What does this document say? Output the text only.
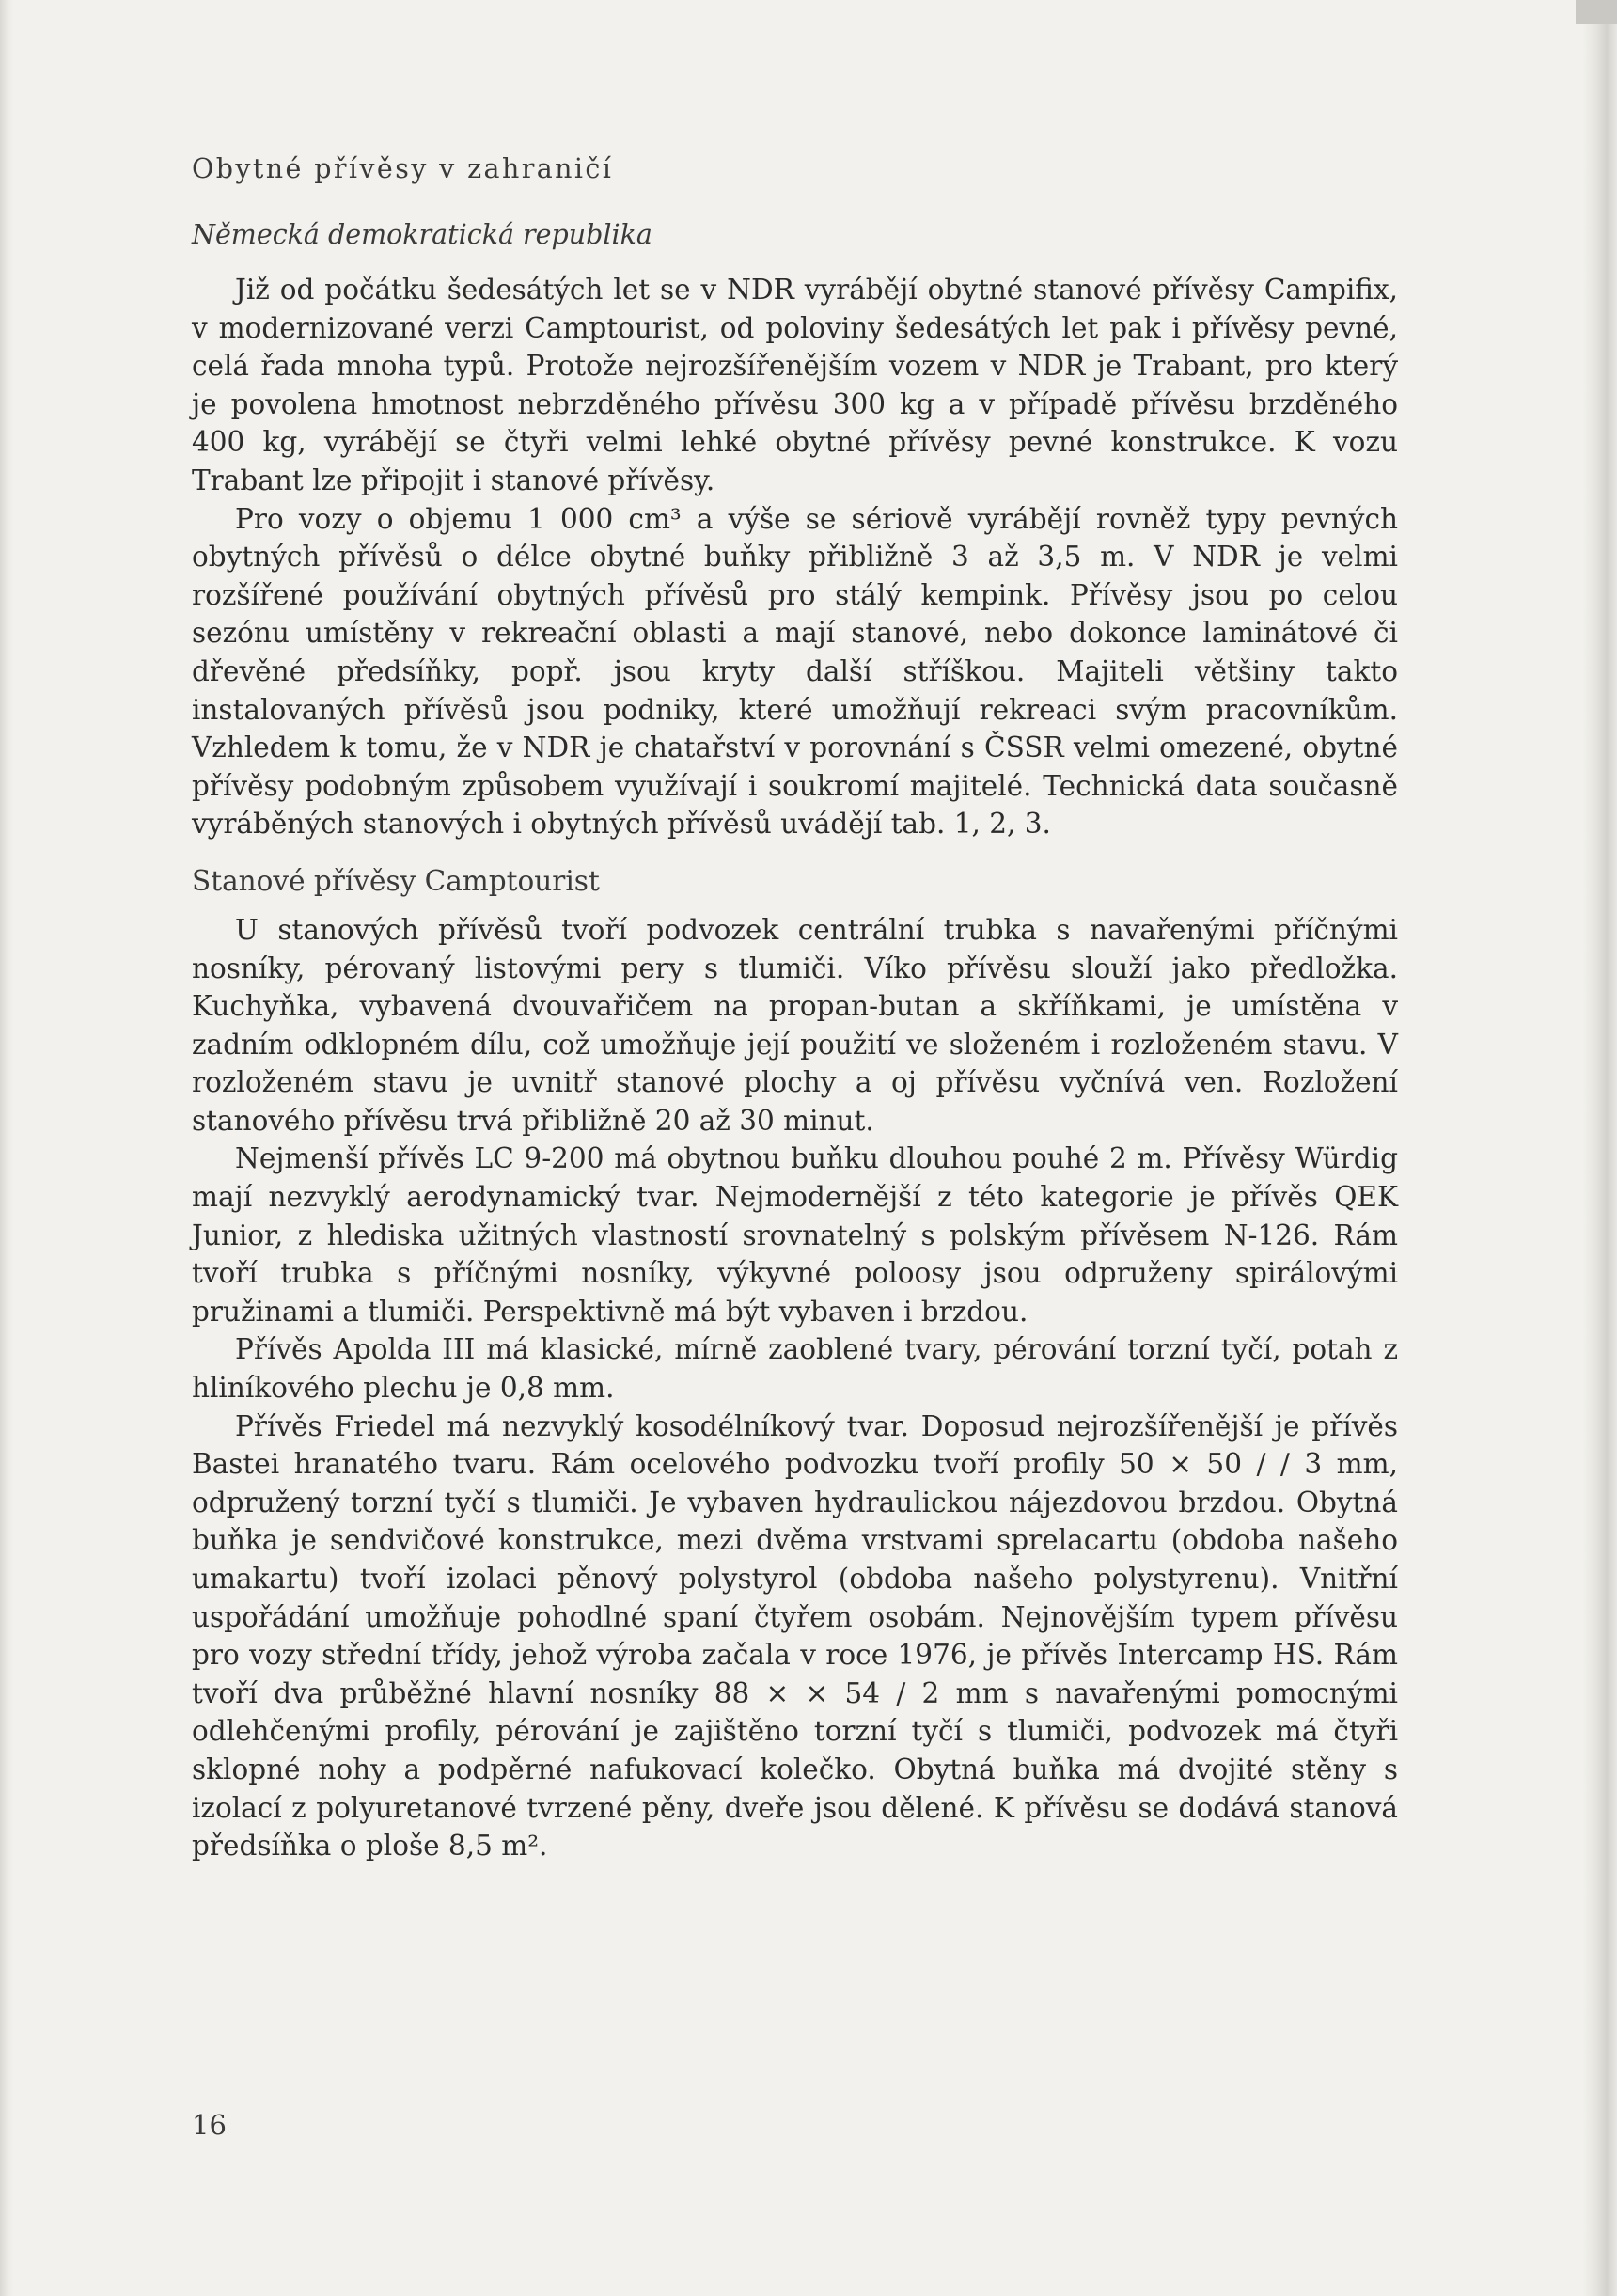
Obytné přívěsy v zahraničí
Německá demokratická republika

Již od počátku šedesátých let se v NDR vyrábějí obytné stanové přívěsy Campifix, v modernizované verzi Camptourist, od poloviny šedesátých let pak i přívěsy pevné, celá řada mnoha typů. Protože nejrozšířenějším vozem v NDR je Trabant, pro který je povolena hmotnost nebrzděného přívěsu 300 kg a v případě přívěsu brzděného 400 kg, vyrábějí se čtyři velmi lehké obytné přívěsy pevné konstrukce. K vozu Trabant lze připojit i stanové přívěsy.

Pro vozy o objemu 1 000 cm³ a výše se sériově vyrábějí rovněž typy pevných obytných přívěsů o délce obytné buňky přibližně 3 až 3,5 m. V NDR je velmi rozšířené používání obytných přívěsů pro stálý kempink. Přívěsy jsou po celou sezónu umístěny v rekreační oblasti a mají stanové, nebo dokonce laminátové či dřevěné předsíňky, popř. jsou kryty další stříškou. Majiteli většiny takto instalovaných přívěsů jsou podniky, které umožňují rekreaci svým pracovníkům. Vzhledem k tomu, že v NDR je chatařství v porovnání s ČSSR velmi omezené, obytné přívěsy podobným způsobem využívají i soukromí majitelé. Technická data současně vyráběných stanových i obytných přívěsů uvádějí tab. 1, 2, 3.

Stanové přívěsy Camptourist

U stanových přívěsů tvoří podvozek centrální trubka s navařenými příčnými nosníky, pérovaný listovými pery s tlumiči. Víko přívěsu slouží jako předložka. Kuchyňka, vybavená dvouvařičem na propan-butan a skříňkami, je umístěna v zadním odklopném dílu, což umožňuje její použití ve složeném i rozloženém stavu. V rozloženém stavu je uvnitř stanové plochy a oj přívěsu vyčnívá ven. Rozložení stanového přívěsu trvá přibližně 20 až 30 minut.

Nejmenší přívěs LC 9-200 má obytnou buňku dlouhou pouhé 2 m. Přívěsy Würdig mají nezvyklý aerodynamický tvar. Nejmodernější z této kategorie je přívěs QEK Junior, z hlediska užitných vlastností srovnatelný s polským přívěsem N-126. Rám tvoří trubka s příčnými nosníky, výkyvné poloosy jsou odpruženy spirálovými pružinami a tlumiči. Perspektivně má být vybaven i brzdou.

Přívěs Apolda III má klasické, mírně zaoblené tvary, pérování torzní tyčí, potah z hliníkového plechu je 0,8 mm.

Přívěs Friedel má nezvyklý kosodélníkový tvar. Doposud nejrozšířenější je přívěs Bastei hranatého tvaru. Rám ocelového podvozku tvoří profily 50 × 50 / / 3 mm, odpružený torzní tyčí s tlumiči. Je vybaven hydraulickou nájezdovou brzdou. Obytná buňka je sendvičové konstrukce, mezi dvěma vrstvami sprelacartu (obdoba našeho umakartu) tvoří izolaci pěnový polystyrol (obdoba našeho polystyrenu). Vnitřní uspořádání umožňuje pohodlné spaní čtyřem osobám. Nejnovějším typem přívěsu pro vozy střední třídy, jehož výroba začala v roce 1976, je přívěs Intercamp HS. Rám tvoří dva průběžné hlavní nosníky 88 × × 54 / 2 mm s navařenými pomocnými odlehčenými profily, pérování je zajištěno torzní tyčí s tlumiči, podvozek má čtyři sklopné nohy a podpěrné nafukovací kolečko. Obytná buňka má dvojité stěny s izolací z polyuretanové tvrzené pěny, dveře jsou dělené. K přívěsu se dodává stanová předsíňka o ploše 8,5 m².

16
